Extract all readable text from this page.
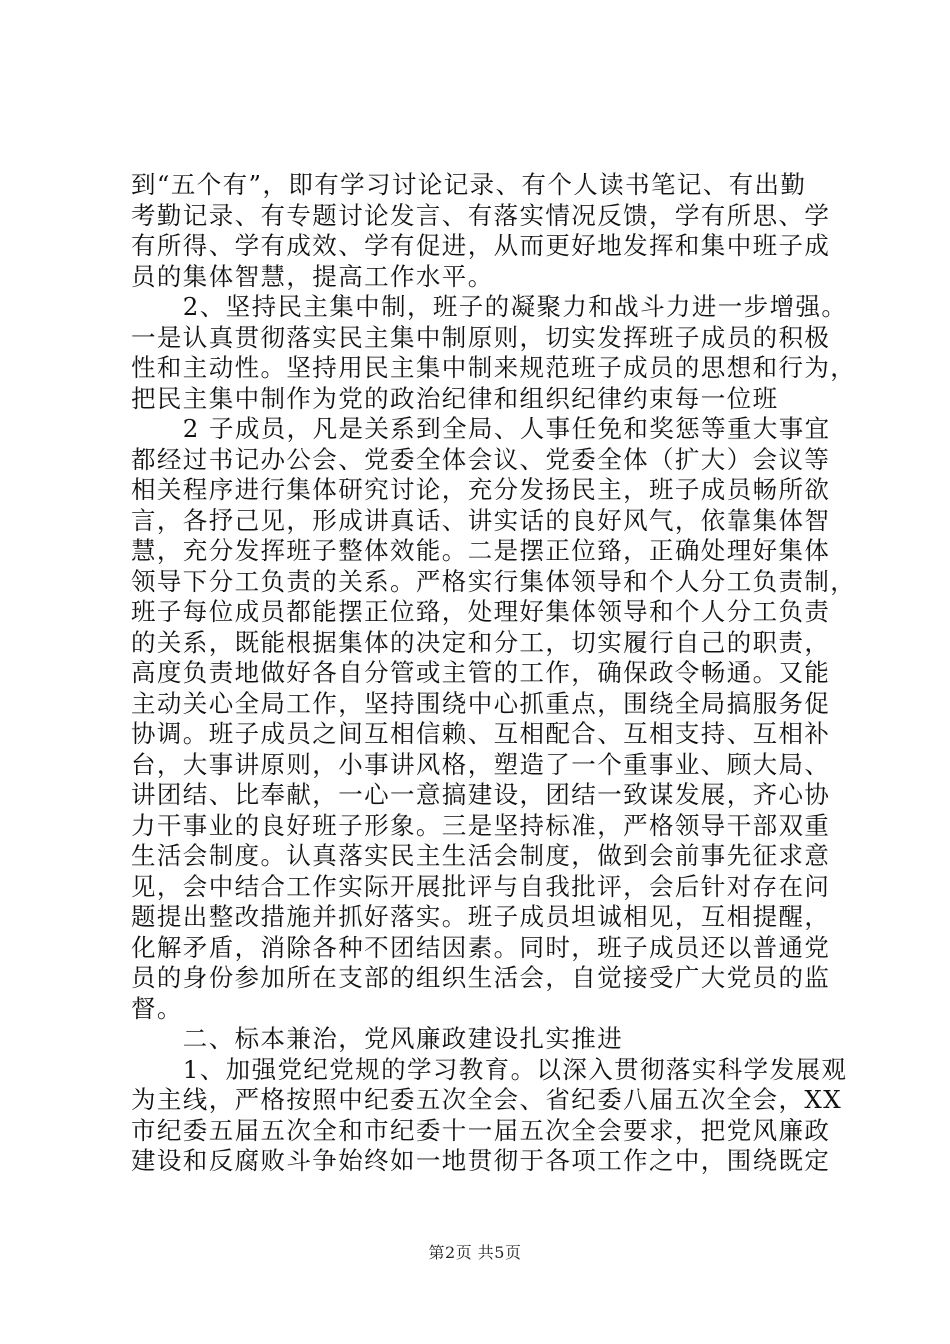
到“五个有”，即有学习讨论记录、有个人读书笔记、有出勤
考勤记录、有专题讨论发言、有落实情况反馈，学有所思、学
有所得、学有成效、学有促进，从而更好地发挥和集中班子成
员的集体智慧，提高工作水平。
　　2、坚持民主集中制，班子的凝聚力和战斗力进一步增强。
一是认真贯彻落实民主集中制原则，切实发挥班子成员的积极
性和主动性。坚持用民主集中制来规范班子成员的思想和行为，
把民主集中制作为党的政治纪律和组织纪律约束每一位班
　　2 子成员，凡是关系到全局、人事任免和奖惩等重大事宜
都经过书记办公会、党委全体会议、党委全体（扩大）会议等
相关程序进行集体研究讨论，充分发扬民主，班子成员畅所欲
言，各抒己见，形成讲真话、讲实话的良好风气，依靠集体智
慧，充分发挥班子整体效能。二是摆正位臵，正确处理好集体
领导下分工负责的关系。严格实行集体领导和个人分工负责制，
班子每位成员都能摆正位臵，处理好集体领导和个人分工负责
的关系，既能根据集体的决定和分工，切实履行自己的职责，
高度负责地做好各自分管或主管的工作，确保政令畅通。又能
主动关心全局工作，坚持围绕中心抓重点，围绕全局搞服务促
协调。班子成员之间互相信赖、互相配合、互相支持、互相补
台，大事讲原则，小事讲风格，塑造了一个重事业、顾大局、
讲团结、比奉献，一心一意搞建设，团结一致谋发展，齐心协
力干事业的良好班子形象。三是坚持标准，严格领导干部双重
生活会制度。认真落实民主生活会制度，做到会前事先征求意
见，会中结合工作实际开展批评与自我批评，会后针对存在问
题提出整改措施并抓好落实。班子成员坦诚相见，互相提醒，
化解矛盾，消除各种不团结因素。同时，班子成员还以普通党
员的身份参加所在支部的组织生活会，自觉接受广大党员的监
督。
　　二、标本兼治，党风廉政建设扎实推进
　　1、加强党纪党规的学习教育。以深入贯彻落实科学发展观
为主线，严格按照中纪委五次全会、省纪委八届五次全会，XX
市纪委五届五次全和市纪委十一届五次全会要求，把党风廉政
建设和反腐败斗争始终如一地贯彻于各项工作之中，围绕既定
第2页 共5页
